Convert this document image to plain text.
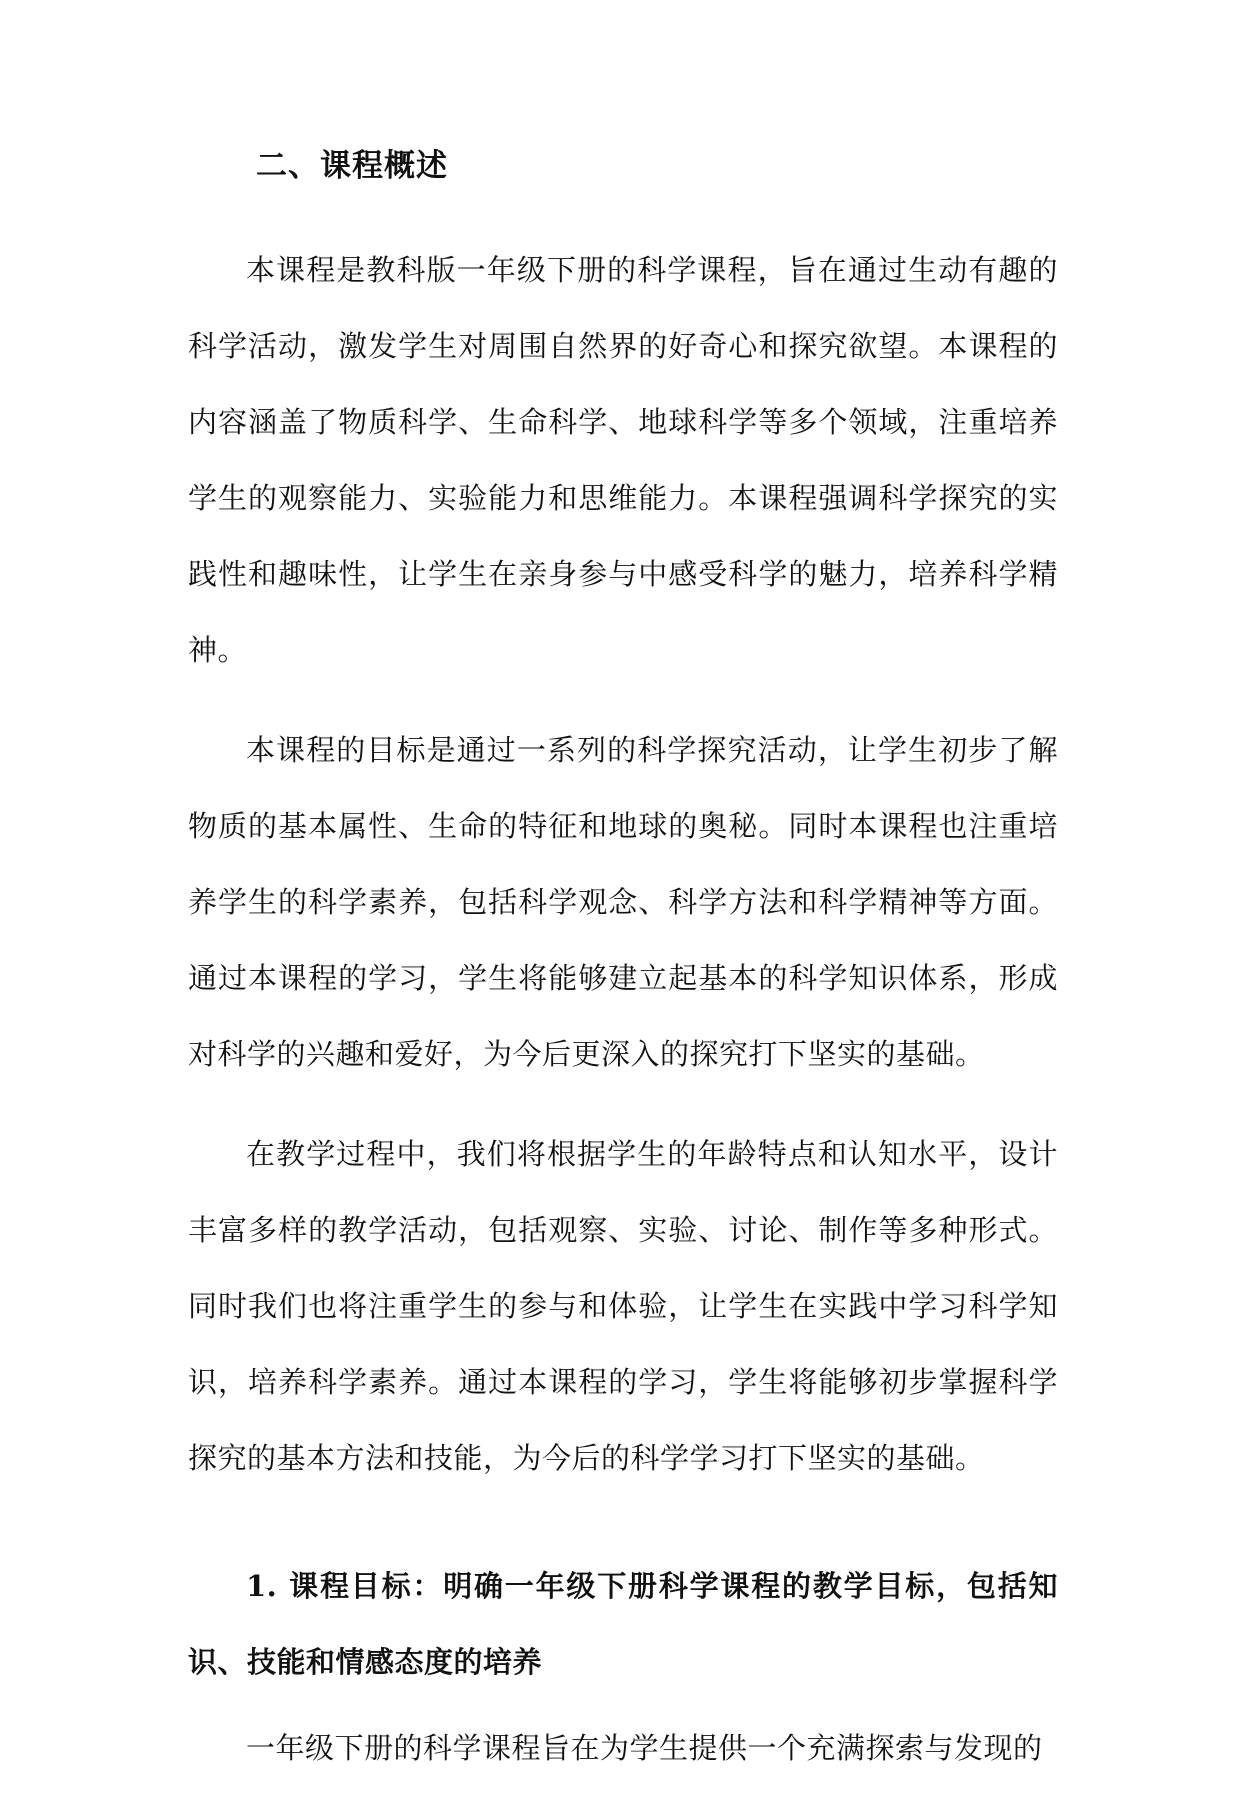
二、课程概述

本课程是教科版一年级下册的科学课程，旨在通过生动有趣的科学活动，激发学生对周围自然界的好奇心和探究欲望。本课程的内容涵盖了物质科学、生命科学、地球科学等多个领域，注重培养学生的观察能力、实验能力和思维能力。本课程强调科学探究的实践性和趣味性，让学生在亲身参与中感受科学的魅力，培养科学精神。

本课程的目标是通过一系列的科学探究活动，让学生初步了解物质的基本属性、生命的特征和地球的奥秘。同时本课程也注重培养学生的科学素养，包括科学观念、科学方法和科学精神等方面。通过本课程的学习，学生将能够建立起基本的科学知识体系，形成对科学的兴趣和爱好，为今后更深入的探究打下坚实的基础。

在教学过程中，我们将根据学生的年龄特点和认知水平，设计丰富多样的教学活动，包括观察、实验、讨论、制作等多种形式。同时我们也将注重学生的参与和体验，让学生在实践中学习科学知识，培养科学素养。通过本课程的学习，学生将能够初步掌握科学探究的基本方法和技能，为今后的科学学习打下坚实的基础。

1. 课程目标：明确一年级下册科学课程的教学目标，包括知识、技能和情感态度的培养

一年级下册的科学课程旨在为学生提供一个充满探索与发现的
